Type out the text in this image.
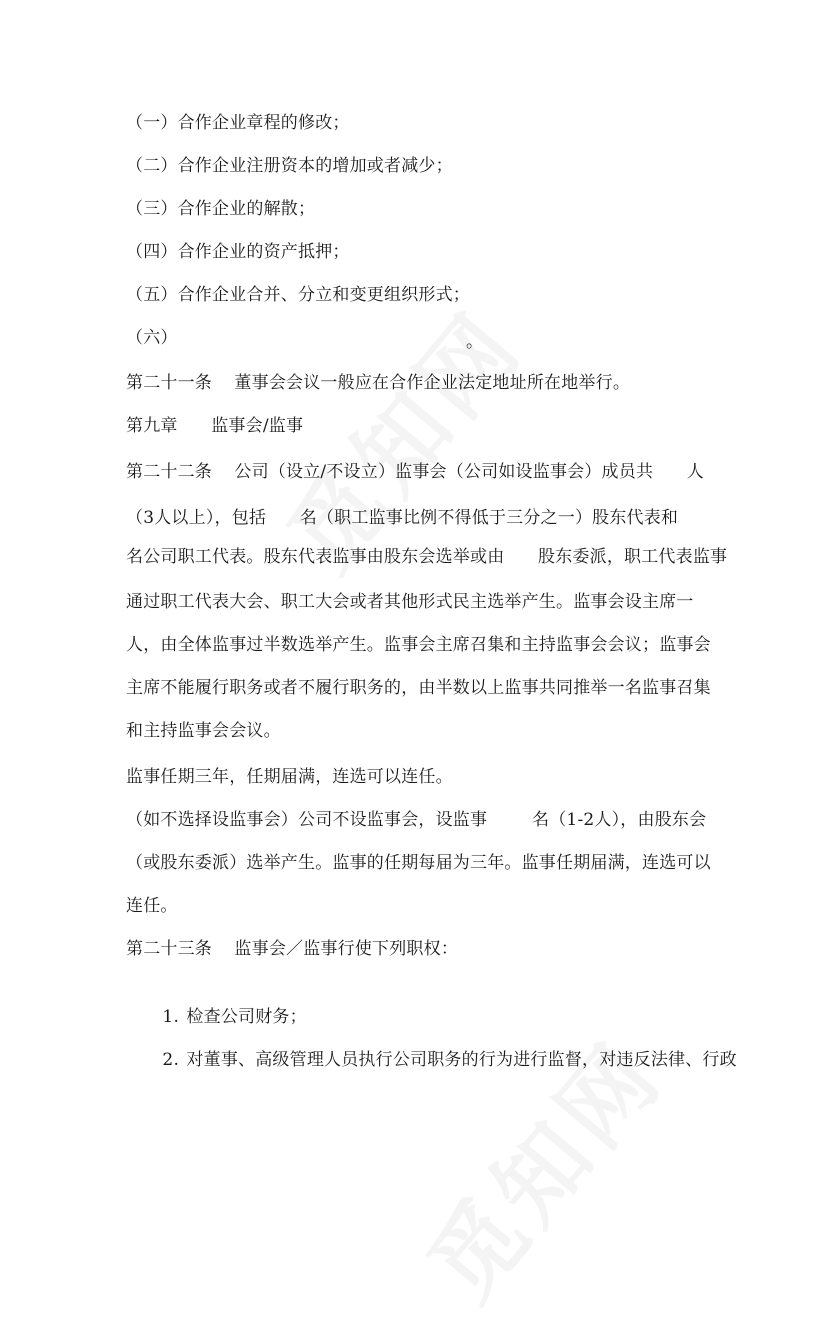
（一）合作企业章程的修改；
（二）合作企业注册资本的增加或者减少；
（三）合作企业的解散；
（四）合作企业的资产抵押；
（五）合作企业合并、分立和变更组织形式；
（六）	。
第二十一条    董事会会议一般应在合作企业法定地址所在地举行。
第九章      监事会/监事
第二十二条    公司（设立/不设立）监事会（公司如设监事会）成员共      人
（3人以上），包括      名（职工监事比例不得低于三分之一）股东代表和
名公司职工代表。股东代表监事由股东会选举或由      股东委派，职工代表监事
通过职工代表大会、职工大会或者其他形式民主选举产生。监事会设主席一
人，由全体监事过半数选举产生。监事会主席召集和主持监事会会议；监事会
主席不能履行职务或者不履行职务的，由半数以上监事共同推举一名监事召集
和主持监事会会议。
监事任期三年，任期届满，连选可以连任。
（如不选择设监事会）公司不设监事会，设监事        名（1-2人），由股东会
（或股东委派）选举产生。监事的任期每届为三年。监事任期届满，连选可以
连任。
第二十三条    监事会／监事行使下列职权：

1. 检查公司财务；

2. 对董事、高级管理人员执行公司职务的行为进行监督，对违反法律、行政
